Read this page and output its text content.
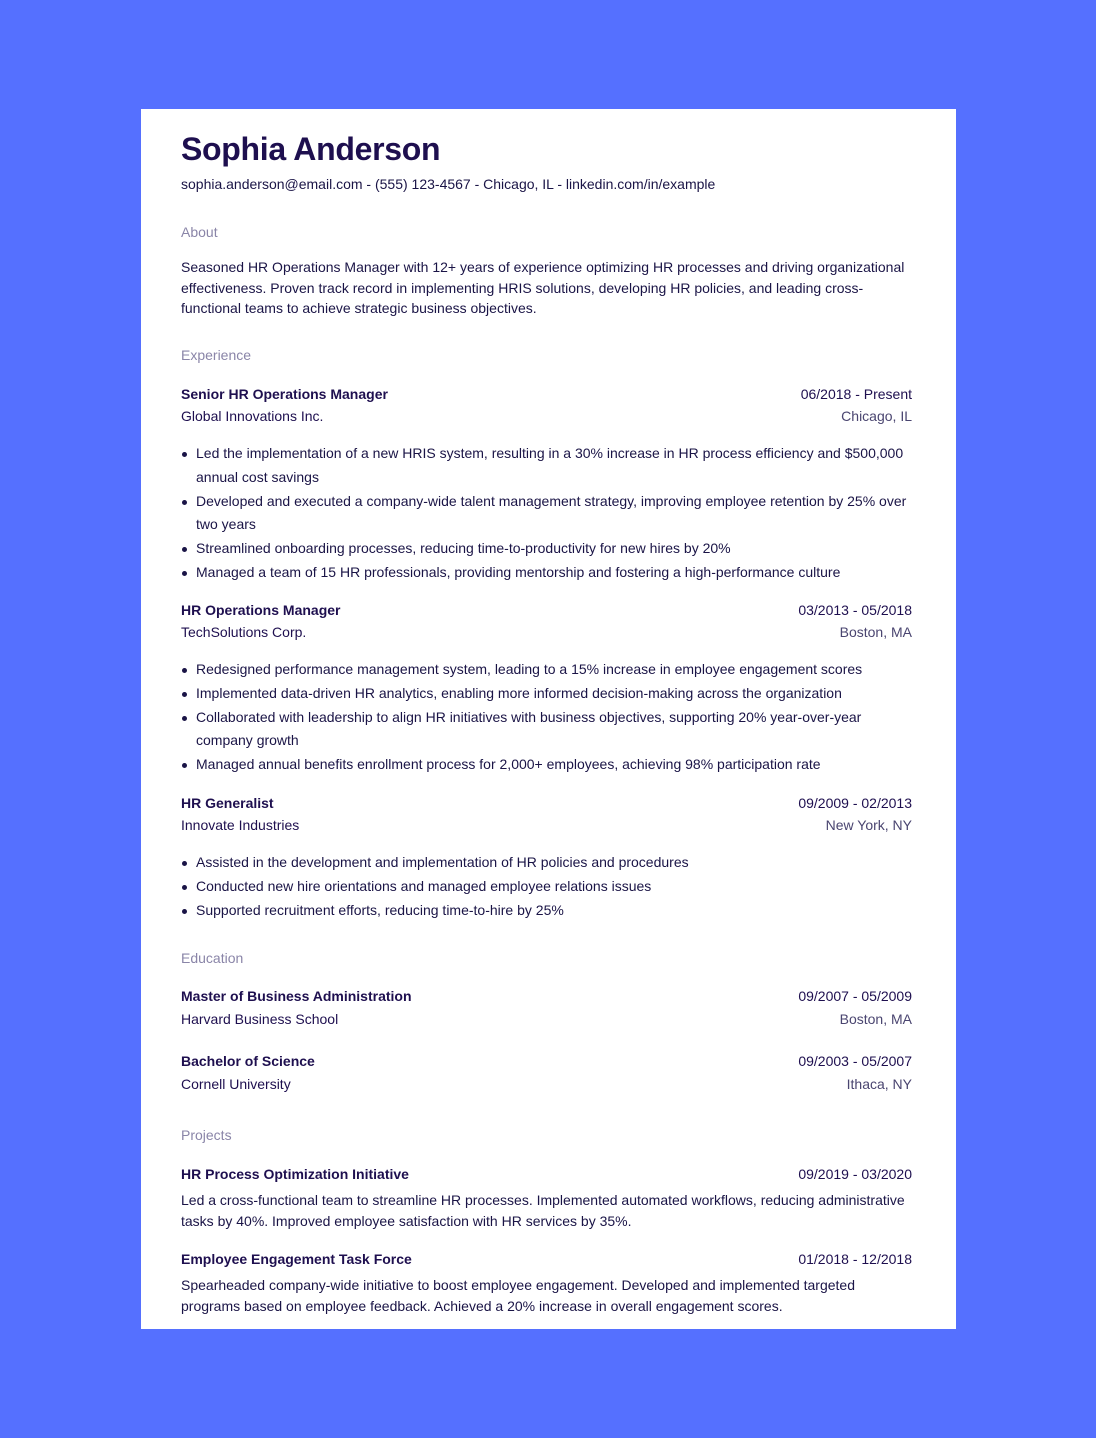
Sophia Anderson
sophia.anderson@email.com - (555) 123-4567 - Chicago, IL - linkedin.com/in/example
About
Seasoned HR Operations Manager with 12+ years of experience optimizing HR processes and driving organizational effectiveness. Proven track record in implementing HRIS solutions, developing HR policies, and leading cross-functional teams to achieve strategic business objectives.
Experience
Senior HR Operations Manager	06/2018 - Present
Global Innovations Inc.	Chicago, IL
Led the implementation of a new HRIS system, resulting in a 30% increase in HR process efficiency and $500,000 annual cost savings
Developed and executed a company-wide talent management strategy, improving employee retention by 25% over two years
Streamlined onboarding processes, reducing time-to-productivity for new hires by 20%
Managed a team of 15 HR professionals, providing mentorship and fostering a high-performance culture
HR Operations Manager	03/2013 - 05/2018
TechSolutions Corp.	Boston, MA
Redesigned performance management system, leading to a 15% increase in employee engagement scores
Implemented data-driven HR analytics, enabling more informed decision-making across the organization
Collaborated with leadership to align HR initiatives with business objectives, supporting 20% year-over-year company growth
Managed annual benefits enrollment process for 2,000+ employees, achieving 98% participation rate
HR Generalist	09/2009 - 02/2013
Innovate Industries	New York, NY
Assisted in the development and implementation of HR policies and procedures
Conducted new hire orientations and managed employee relations issues
Supported recruitment efforts, reducing time-to-hire by 25%
Education
Master of Business Administration	09/2007 - 05/2009
Harvard Business School	Boston, MA
Bachelor of Science	09/2003 - 05/2007
Cornell University	Ithaca, NY
Projects
HR Process Optimization Initiative	09/2019 - 03/2020
Led a cross-functional team to streamline HR processes. Implemented automated workflows, reducing administrative tasks by 40%. Improved employee satisfaction with HR services by 35%.
Employee Engagement Task Force	01/2018 - 12/2018
Spearheaded company-wide initiative to boost employee engagement. Developed and implemented targeted programs based on employee feedback. Achieved a 20% increase in overall engagement scores.
